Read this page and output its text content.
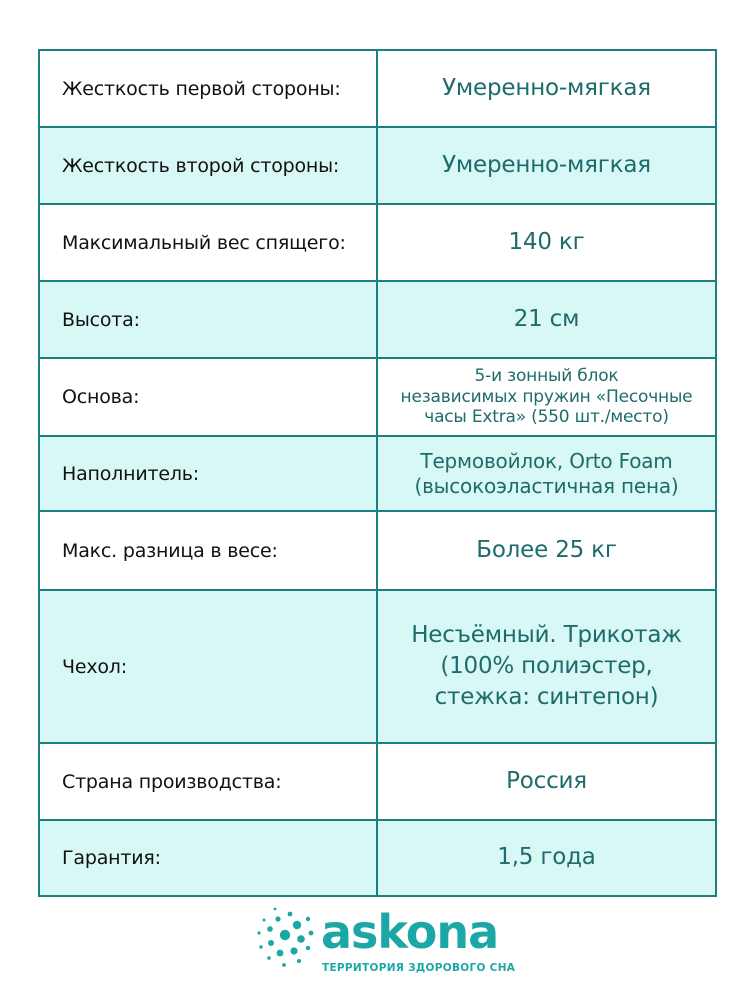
Жесткость первой стороны:	Умеренно-мягкая
Жесткость второй стороны:	Умеренно-мягкая
Максимальный вес спящего:	140 кг
Высота:	21 см
Основа:	5-и зонный блок
независимых пружин «Песочные
часы Extra» (550 шт./место)
Наполнитель:	Термовойлок, Orto Foam
(высокоэластичная пена)
Макс. разница в весе:	Более 25 кг
Чехол:	Несъёмный. Трикотаж
(100% полиэстер,
стежка: синтепон)
Страна производства:	Россия
Гарантия:	1,5 года
askona
ТЕРРИТОРИЯ ЗДОРОВОГО СНА
